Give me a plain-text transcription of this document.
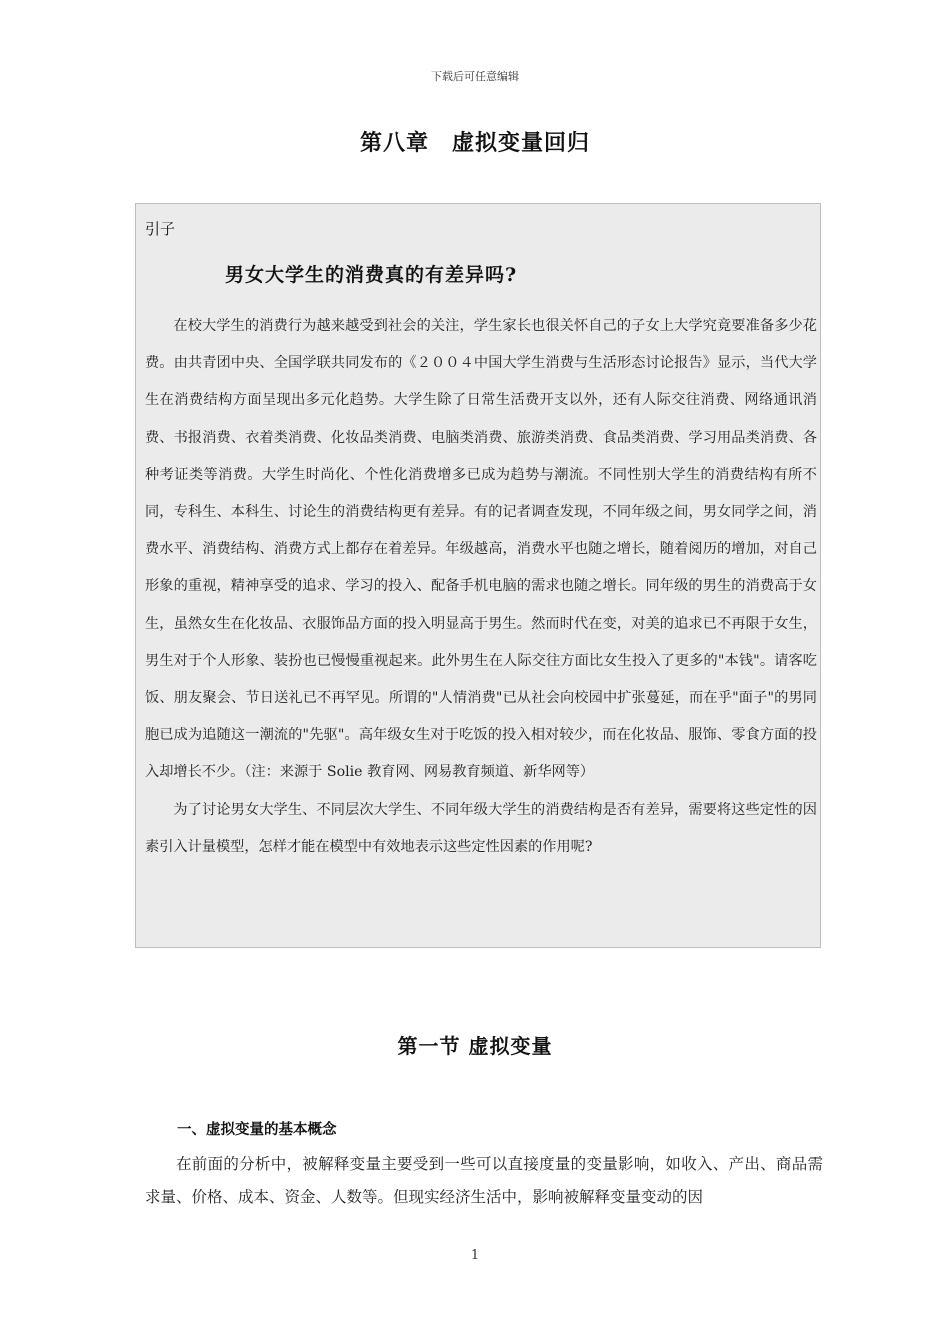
下载后可任意编辑
第八章　虚拟变量回归
引子
男女大学生的消费真的有差异吗?

在校大学生的消费行为越来越受到社会的关注，学生家长也很关怀自己的子女上大学究竟要准备多少花费。由共青团中央、全国学联共同发布的《２００４中国大学生消费与生活形态讨论报告》显示，当代大学生在消费结构方面呈现出多元化趋势。大学生除了日常生活费开支以外，还有人际交往消费、网络通讯消费、书报消费、衣着类消费、化妆品类消费、电脑类消费、旅游类消费、食品类消费、学习用品类消费、各种考证类等消费。大学生时尚化、个性化消费增多已成为趋势与潮流。不同性别大学生的消费结构有所不同，专科生、本科生、讨论生的消费结构更有差异。有的记者调查发现，不同年级之间，男女同学之间，消费水平、消费结构、消费方式上都存在着差异。年级越高，消费水平也随之增长，随着阅历的增加，对自己形象的重视，精神享受的追求、学习的投入、配备手机电脑的需求也随之增长。同年级的男生的消费高于女生，虽然女生在化妆品、衣服饰品方面的投入明显高于男生。然而时代在变，对美的追求已不再限于女生，男生对于个人形象、装扮也已慢慢重视起来。此外男生在人际交往方面比女生投入了更多的"本钱"。请客吃饭、朋友聚会、节日送礼已不再罕见。所谓的"人情消费"已从社会向校园中扩张蔓延，而在乎"面子"的男同胞已成为追随这一潮流的"先驱"。高年级女生对于吃饭的投入相对较少，而在化妆品、服饰、零食方面的投入却增长不少。（注：来源于 Solie 教育网、网易教育频道、新华网等）

为了讨论男女大学生、不同层次大学生、不同年级大学生的消费结构是否有差异，需要将这些定性的因素引入计量模型，怎样才能在模型中有效地表示这些定性因素的作用呢?

第一节 虚拟变量
一、虚拟变量的基本概念

在前面的分析中，被解释变量主要受到一些可以直接度量的变量影响，如收入、产出、商品需求量、价格、成本、资金、人数等。但现实经济生活中，影响被解释变量变动的因

1
